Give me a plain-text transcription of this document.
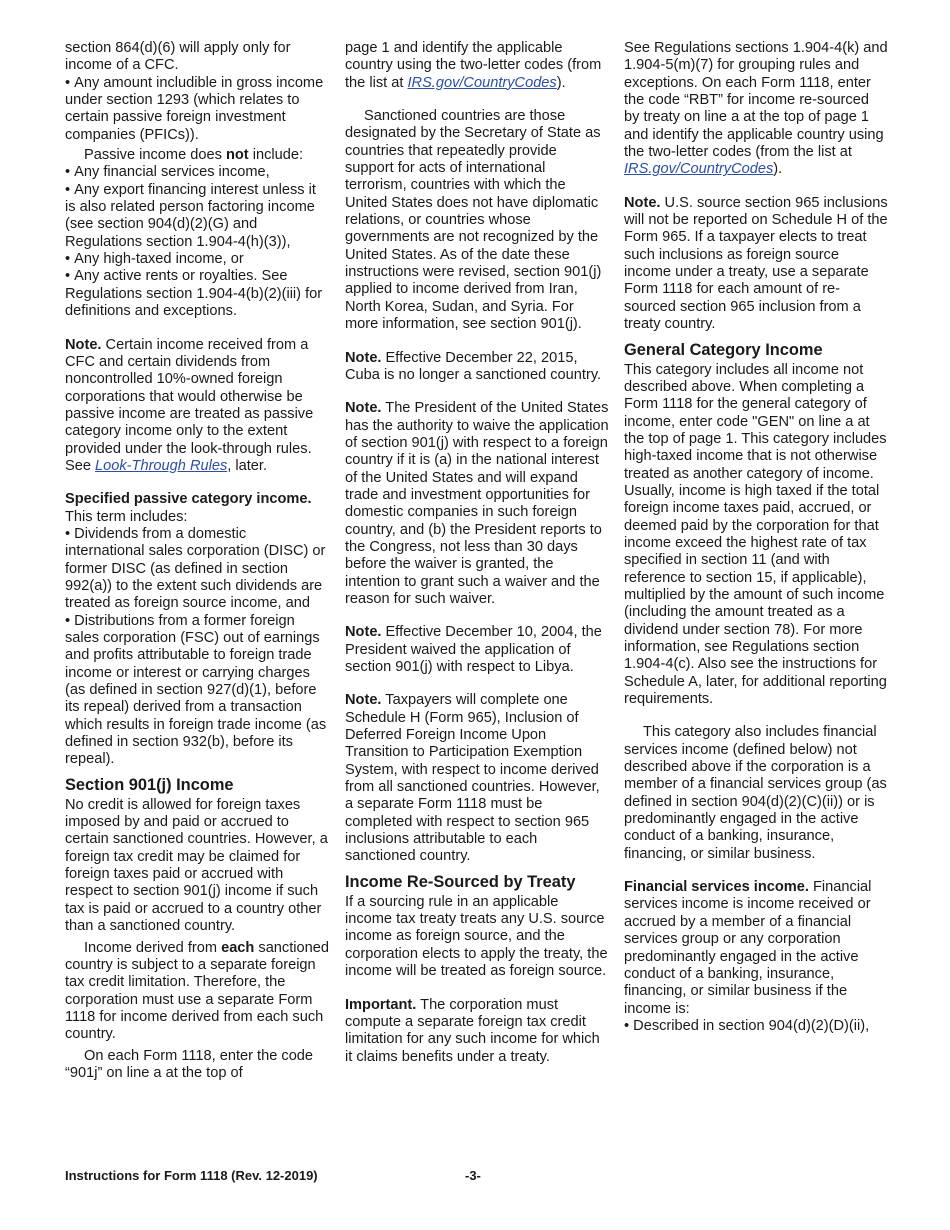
section 864(d)(6) will apply only for income of a CFC.

• Any amount includible in gross income under section 1293 (which relates to certain passive foreign investment companies (PFICs)).

Passive income does not include:

• Any financial services income,

• Any export financing interest unless it is also related person factoring income (see section 904(d)(2)(G) and Regulations section 1.904-4(h)(3)),

• Any high-taxed income, or

• Any active rents or royalties. See Regulations section 1.904-4(b)(2)(iii) for definitions and exceptions.

Note. Certain income received from a CFC and certain dividends from noncontrolled 10%-owned foreign corporations that would otherwise be passive income are treated as passive category income only to the extent provided under the look-through rules. See Look-Through Rules, later.

Specified passive category income. This term includes:

• Dividends from a domestic international sales corporation (DISC) or former DISC (as defined in section 992(a)) to the extent such dividends are treated as foreign source income, and

• Distributions from a former foreign sales corporation (FSC) out of earnings and profits attributable to foreign trade income or interest or carrying charges (as defined in section 927(d)(1), before its repeal) derived from a transaction which results in foreign trade income (as defined in section 932(b), before its repeal).

Section 901(j) Income

No credit is allowed for foreign taxes imposed by and paid or accrued to certain sanctioned countries. However, a foreign tax credit may be claimed for foreign taxes paid or accrued with respect to section 901(j) income if such tax is paid or accrued to a country other than a sanctioned country.

Income derived from each sanctioned country is subject to a separate foreign tax credit limitation. Therefore, the corporation must use a separate Form 1118 for income derived from each such country.

On each Form 1118, enter the code “901j” on line a at the top of

page 1 and identify the applicable country using the two-letter codes (from the list at IRS.gov/CountryCodes).

Sanctioned countries are those designated by the Secretary of State as countries that repeatedly provide support for acts of international terrorism, countries with which the United States does not have diplomatic relations, or countries whose governments are not recognized by the United States. As of the date these instructions were revised, section 901(j) applied to income derived from Iran, North Korea, Sudan, and Syria. For more information, see section 901(j).

Note. Effective December 22, 2015, Cuba is no longer a sanctioned country.

Note. The President of the United States has the authority to waive the application of section 901(j) with respect to a foreign country if it is (a) in the national interest of the United States and will expand trade and investment opportunities for domestic companies in such foreign country, and (b) the President reports to the Congress, not less than 30 days before the waiver is granted, the intention to grant such a waiver and the reason for such waiver.

Note. Effective December 10, 2004, the President waived the application of section 901(j) with respect to Libya.

Note. Taxpayers will complete one Schedule H (Form 965), Inclusion of Deferred Foreign Income Upon Transition to Participation Exemption System, with respect to income derived from all sanctioned countries. However, a separate Form 1118 must be completed with respect to section 965 inclusions attributable to each sanctioned country.

Income Re-Sourced by Treaty

If a sourcing rule in an applicable income tax treaty treats any U.S. source income as foreign source, and the corporation elects to apply the treaty, the income will be treated as foreign source.

Important. The corporation must compute a separate foreign tax credit limitation for any such income for which it claims benefits under a treaty.

See Regulations sections 1.904-4(k) and 1.904-5(m)(7) for grouping rules and exceptions. On each Form 1118, enter the code “RBT” for income re-sourced by treaty on line a at the top of page 1 and identify the applicable country using the two-letter codes (from the list at IRS.gov/CountryCodes).

Note. U.S. source section 965 inclusions will not be reported on Schedule H of the Form 965. If a taxpayer elects to treat such inclusions as foreign source income under a treaty, use a separate Form 1118 for each amount of re-sourced section 965 inclusion from a treaty country.

General Category Income

This category includes all income not described above. When completing a Form 1118 for the general category of income, enter code "GEN" on line a at the top of page 1. This category includes high-taxed income that is not otherwise treated as another category of income. Usually, income is high taxed if the total foreign income taxes paid, accrued, or deemed paid by the corporation for that income exceed the highest rate of tax specified in section 11 (and with reference to section 15, if applicable), multiplied by the amount of such income (including the amount treated as a dividend under section 78). For more information, see Regulations section 1.904-4(c). Also see the instructions for Schedule A, later, for additional reporting requirements.

This category also includes financial services income (defined below) not described above if the corporation is a member of a financial services group (as defined in section 904(d)(2)(C)(ii)) or is predominantly engaged in the active conduct of a banking, insurance, financing, or similar business.

Financial services income. Financial services income is income received or accrued by a member of a financial services group or any corporation predominantly engaged in the active conduct of a banking, insurance, financing, or similar business if the income is:

• Described in section 904(d)(2)(D)(ii),

Instructions for Form 1118 (Rev. 12-2019)	-3-
